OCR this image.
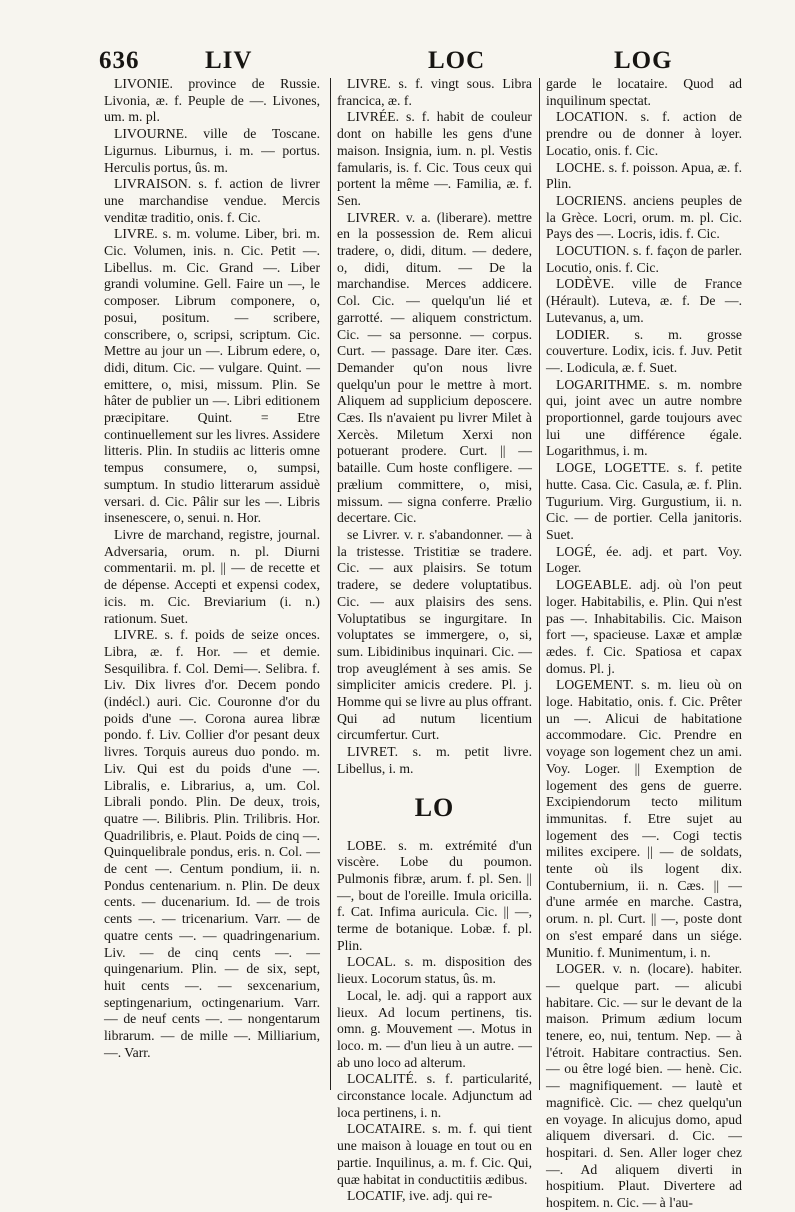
636	LIV	LOC	LOG

LIVONIE. province de Russie. Livonia, æ. f. Peuple de —. Livones, um. m. pl.

LIVOURNE. ville de Toscane. Ligurnus. Liburnus, i. m. — portus. Herculis portus, ûs. m.

LIVRAISON. s. f. action de livrer une marchandise vendue. Mercis venditæ traditio, onis. f. Cic.

LIVRE. s. m. volume. Liber, bri. m. Cic. Volumen, inis. n. Cic. Petit —. Libellus. m. Cic. Grand —. Liber grandi voluminе. Gell. Faire un —, le composer. Librum componere, o, posui, positum. — scribere, conscribere, o, scripsi, scriptum. Cic. Mettre au jour un —. Librum edere, o, didi, ditum. Cic. — vulgare. Quint. — emittere, o, misi, missum. Plin. Se hâter de publier un —. Libri editionem præcipitare. Quint. = Etre continuellement sur les livres. Assidere litteris. Plin. In studiis ac litteris omne tempus consumere, o, sumpsi, sumptum. In studio litterarum assiduè versari. d. Cic. Pâlir sur les —. Libris insenescere, o, senui. n. Hor.

Livre de marchand, registre, journal. Adversaria, orum. n. pl. Diurni commentarii. m. pl. || — de recette et de dépense. Accepti et expensi codex, icis. m. Cic. Breviarium (i. n.) rationum. Suet.

LIVRE. s. f. poids de seize onces. Libra, æ. f. Hor. — et demie. Sesquilibra. f. Col. Demi—. Selibra. f. Liv. Dix livres d'or. Decem pondo (indécl.) auri. Cic. Couronne d'or du poids d'une —. Corona aurea libræ pondo. f. Liv. Collier d'or pesant deux livres. Torquis aureus duo pondo. m. Liv. Qui est du poids d'une —. Libralis, e. Librarius, a, um. Col. Librali pondo. Plin. De deux, trois, quatre —. Bilibris. Plin. Trilibris. Hor. Quadrilibris, e. Plaut. Poids de cinq —. Quinquelibrale pondus, eris. n. Col. — de cent —. Centum pondium, ii. n. Pondus centenarium. n. Plin. De deux cents. — ducenarium. Id. — de trois cents —. — tricenarium. Varr. — de quatre cents —. — quadringenarium. Liv. — de cinq cents —. — quingenarium. Plin. — de six, sept, huit cents —. — sexcenarium, septingenarium, octingenarium. Varr. — de neuf cents —. — nongentarum librarum. — de mille —. Milliarium, —. Varr.

LIVRE. s. f. vingt sous. Libra francica, æ. f.

LIVRÉE. s. f. habit de couleur dont on habille les gens d'une maison. Insignia, ium. n. pl. Vestis famularis, is. f. Cic. Tous ceux qui portent la même —. Familia, æ. f. Sen.

LIVRER. v. a. (liberare). mettre en la possession de. Rem alicui tradere, o, didi, ditum. — dedere, o, didi, ditum. — De la marchandise. Merces addicere. Col. Cic. — quelqu'un lié et garrotté. — aliquem constrictum. Cic. — sa personne. — corpus. Curt. — passage. Dare iter. Cæs. Demander qu'on nous livre quelqu'un pour le mettre à mort. Aliquem ad supplicium deposcere. Cæs. Ils n'avaient pu livrer Milet à Xercès. Miletum Xerxi non potuerant prodere. Curt. || — bataille. Cum hoste confligere. — prælium committere, o, misi, missum. — signa conferre. Prælio decertare. Cic.

se Livrer. v. r. s'abandonner. — à la tristesse. Tristitiæ se tradere. Cic. — aux plaisirs. Se totum tradere, se dedere voluptatibus. Cic. — aux plaisirs des sens. Voluptatibus se ingurgitare. In voluptates se immergere, o, si, sum. Libidinibus inquinari. Cic. — trop aveuglément à ses amis. Se simpliciter amicis credere. Pl. j. Homme qui se livre au plus offrant. Qui ad nutum licentium circumfertur. Curt.

LIVRET. s. m. petit livre. Libellus, i. m.

LO

LOBE. s. m. extrémité d'un viscère. Lobe du poumon. Pulmonis fibræ, arum. f. pl. Sen. || —, bout de l'oreille. Imula oricilla. f. Cat. Infima auriculа. Cic. || —, terme de botanique. Lobæ. f. pl. Plin.

LOCAL. s. m. disposition des lieux. Locorum status, ûs. m.

Local, le. adj. qui a rapport aux lieux. Ad locum pertinens, tis. omn. g. Mouvement —. Motus in loco. m. — d'un lieu à un autre. — ab uno loco ad alterum.

LOCALITÉ. s. f. particularité, circonstance locale. Adjunctum ad loca pertinens, i. n.

LOCATAIRE. s. m. f. qui tient une maison à louage en tout ou en partie. Inquilinus, a. m. f. Cic. Qui, quæ habitat in conductitiis ædibus.

LOCATIF, ive. adj. qui re-

garde le locataire. Quod ad inquilinum spectat.

LOCATION. s. f. action de prendre ou de donner à loyer. Locatio, onis. f. Cic.

LOCHE. s. f. poisson. Apua, æ. f. Plin.

LOCRIENS. anciens peuples de la Grèce. Locri, orum. m. pl. Cic. Pays des —. Locris, idis. f. Cic.

LOCUTION. s. f. façon de parler. Locutio, onis. f. Cic.

LODÈVE. ville de France (Hérault). Luteva, æ. f. De —. Lutevanus, a, um.

LODIER. s. m. grosse couverture. Lodix, icis. f. Juv. Petit —. Lodicula, æ. f. Suet.

LOGARITHME. s. m. nombre qui, joint avec un autre nombre proportionnel, garde toujours avec lui une différence égale. Logarithmus, i. m.

LOGE, LOGETTE. s. f. petite hutte. Casa. Cic. Casula, æ. f. Plin. Tugurium. Virg. Gurgustium, ii. n. Cic. — de portier. Cella janitoris. Suet.

LOGÉ, ée. adj. et part. Voy. Loger.

LOGEABLE. adj. où l'on peut loger. Habitabilis, e. Plin. Qui n'est pas —. Inhabitabilis. Cic. Maison fort —, spacieuse. Laxæ et amplæ ædes. f. Cic. Spatiosa et capax domus. Pl. j.

LOGEMENT. s. m. lieu où on loge. Habitatio, onis. f. Cic. Prêter un —. Alicui de habitatione accommodare. Cic. Prendre en voyage son logement chez un ami. Voy. Loger. || Exemption de logement des gens de guerre. Excipiendorum tecto militum immunitas. f. Etre sujet au logement des —. Cogi tectis milites excipere. || — de soldats, tente où ils logent dix. Contubernium, ii. n. Cæs. || — d'une armée en marche. Castra, orum. n. pl. Curt. || —, poste dont on s'est emparé dans un siége. Munitio. f. Munimentum, i. n.

LOGER. v. n. (locare). habiter. — quelque part. — alicubi habitare. Cic. — sur le devant de la maison. Primum ædium locum tenere, eo, nui, tentum. Nep. — à l'étroit. Habitare contractius. Sen. — ou être logé bien. — henè. Cic. — magnifiquement. — lautè et magnificè. Cic. — chez quelqu'un en voyage. In alicujus domo, apud aliquem diversari. d. Cic. — hospitari. d. Sen. Aller loger chez —. Ad aliquem diverti in hospitium. Plaut. Divertere ad hospitem. n. Cic. — à l'au-
